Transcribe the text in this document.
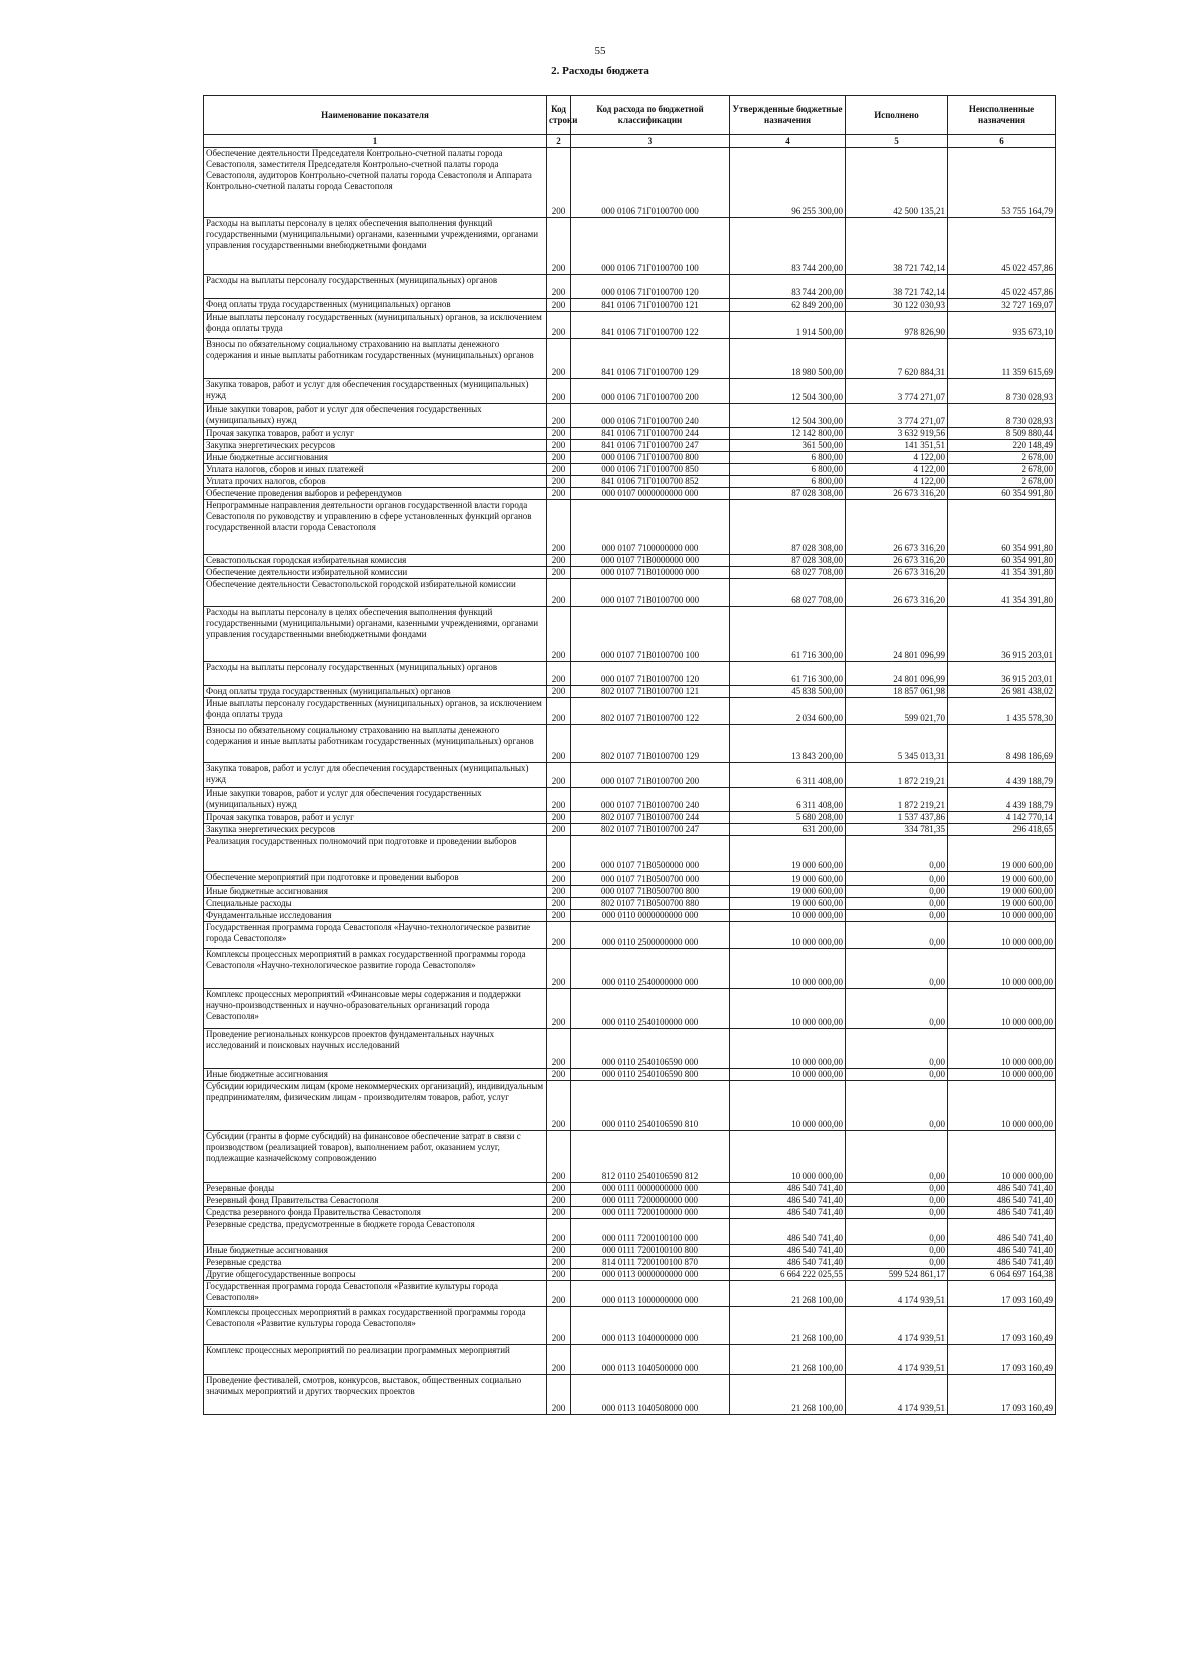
55
2. Расходы бюджета
Наименование показателя	Код строки	Код расхода по бюджетной классификации	Утвержденные бюджетные назначения	Исполнено	Неисполненные назначения
1	2	3	4	5	6
Обеспечение деятельности Председателя Контрольно-счетной палаты города Севастополя, заместителя Председателя Контрольно-счетной палаты города Севастополя, аудиторов Контрольно-счетной палаты города Севастополя и Аппарата Контрольно-счетной палаты города Севастополя	200	000 0106 71Г0100700 000	96 255 300,00	42 500 135,21	53 755 164,79
Расходы на выплаты персоналу в целях обеспечения выполнения функций государственными (муниципальными) органами, казенными учреждениями, органами управления государственными внебюджетными фондами	200	000 0106 71Г0100700 100	83 744 200,00	38 721 742,14	45 022 457,86
Расходы на выплаты персоналу государственных (муниципальных) органов	200	000 0106 71Г0100700 120	83 744 200,00	38 721 742,14	45 022 457,86
Фонд оплаты труда государственных (муниципальных) органов	200	841 0106 71Г0100700 121	62 849 200,00	30 122 030,93	32 727 169,07
Иные выплаты персоналу государственных (муниципальных) органов, за исключением фонда оплаты труда	200	841 0106 71Г0100700 122	1 914 500,00	978 826,90	935 673,10
Взносы по обязательному социальному страхованию на выплаты денежного содержания и иные выплаты работникам государственных (муниципальных) органов	200	841 0106 71Г0100700 129	18 980 500,00	7 620 884,31	11 359 615,69
Закупка товаров, работ и услуг для обеспечения государственных (муниципальных) нужд	200	000 0106 71Г0100700 200	12 504 300,00	3 774 271,07	8 730 028,93
Иные закупки товаров, работ и услуг для обеспечения государственных (муниципальных) нужд	200	000 0106 71Г0100700 240	12 504 300,00	3 774 271,07	8 730 028,93
Прочая закупка товаров, работ и услуг	200	841 0106 71Г0100700 244	12 142 800,00	3 632 919,56	8 509 880,44
Закупка энергетических ресурсов	200	841 0106 71Г0100700 247	361 500,00	141 351,51	220 148,49
Иные бюджетные ассигнования	200	000 0106 71Г0100700 800	6 800,00	4 122,00	2 678,00
Уплата налогов, сборов и иных платежей	200	000 0106 71Г0100700 850	6 800,00	4 122,00	2 678,00
Уплата прочих налогов, сборов	200	841 0106 71Г0100700 852	6 800,00	4 122,00	2 678,00
Обеспечение проведения выборов и референдумов	200	000 0107 0000000000 000	87 028 308,00	26 673 316,20	60 354 991,80
Непрограммные направления деятельности органов государственной власти города Севастополя по руководству и управлению в сфере установленных функций органов государственной власти города Севастополя	200	000 0107 7100000000 000	87 028 308,00	26 673 316,20	60 354 991,80
Севастопольская городская избирательная комиссия	200	000 0107 71В0000000 000	87 028 308,00	26 673 316,20	60 354 991,80
Обеспечение деятельности избирательной комиссии	200	000 0107 71В0100000 000	68 027 708,00	26 673 316,20	41 354 391,80
Обеспечение деятельности Севастопольской городской избирательной комиссии	200	000 0107 71В0100700 000	68 027 708,00	26 673 316,20	41 354 391,80
Расходы на выплаты персоналу в целях обеспечения выполнения функций государственными (муниципальными) органами, казенными учреждениями, органами управления государственными внебюджетными фондами	200	000 0107 71В0100700 100	61 716 300,00	24 801 096,99	36 915 203,01
Расходы на выплаты персоналу государственных (муниципальных) органов	200	000 0107 71В0100700 120	61 716 300,00	24 801 096,99	36 915 203,01
Фонд оплаты труда государственных (муниципальных) органов	200	802 0107 71В0100700 121	45 838 500,00	18 857 061,98	26 981 438,02
Иные выплаты персоналу государственных (муниципальных) органов, за исключением фонда оплаты труда	200	802 0107 71В0100700 122	2 034 600,00	599 021,70	1 435 578,30
Взносы по обязательному социальному страхованию на выплаты денежного содержания и иные выплаты работникам государственных (муниципальных) органов	200	802 0107 71В0100700 129	13 843 200,00	5 345 013,31	8 498 186,69
Закупка товаров, работ и услуг для обеспечения государственных (муниципальных) нужд	200	000 0107 71В0100700 200	6 311 408,00	1 872 219,21	4 439 188,79
Иные закупки товаров, работ и услуг для обеспечения государственных (муниципальных) нужд	200	000 0107 71В0100700 240	6 311 408,00	1 872 219,21	4 439 188,79
Прочая закупка товаров, работ и услуг	200	802 0107 71В0100700 244	5 680 208,00	1 537 437,86	4 142 770,14
Закупка энергетических ресурсов	200	802 0107 71В0100700 247	631 200,00	334 781,35	296 418,65
Реализация государственных полномочий при подготовке и проведении выборов	200	000 0107 71В0500000 000	19 000 600,00	0,00	19 000 600,00
Обеспечение мероприятий при подготовке и проведении выборов	200	000 0107 71В0500700 000	19 000 600,00	0,00	19 000 600,00
Иные бюджетные ассигнования	200	000 0107 71В0500700 800	19 000 600,00	0,00	19 000 600,00
Специальные расходы	200	802 0107 71В0500700 880	19 000 600,00	0,00	19 000 600,00
Фундаментальные исследования	200	000 0110 0000000000 000	10 000 000,00	0,00	10 000 000,00
Государственная программа города Севастополя «Научно-технологическое развитие города Севастополя»	200	000 0110 2500000000 000	10 000 000,00	0,00	10 000 000,00
Комплексы процессных мероприятий в рамках государственной программы города Севастополя «Научно-технологическое развитие города Севастополя»	200	000 0110 2540000000 000	10 000 000,00	0,00	10 000 000,00
Комплекс процессных мероприятий «Финансовые меры содержания и поддержки научно-производственных и научно-образовательных организаций города Севастополя»	200	000 0110 2540100000 000	10 000 000,00	0,00	10 000 000,00
Проведение региональных конкурсов проектов фундаментальных научных исследований и поисковых научных исследований	200	000 0110 2540106590 000	10 000 000,00	0,00	10 000 000,00
Иные бюджетные ассигнования	200	000 0110 2540106590 800	10 000 000,00	0,00	10 000 000,00
Субсидии юридическим лицам (кроме некоммерческих организаций), индивидуальным предпринимателям, физическим лицам - производителям товаров, работ, услуг	200	000 0110 2540106590 810	10 000 000,00	0,00	10 000 000,00
Субсидии (гранты в форме субсидий) на финансовое обеспечение затрат в связи с производством (реализацией товаров), выполнением работ, оказанием услуг, подлежащие казначейскому сопровождению	200	812 0110 2540106590 812	10 000 000,00	0,00	10 000 000,00
Резервные фонды	200	000 0111 0000000000 000	486 540 741,40	0,00	486 540 741,40
Резервный фонд Правительства Севастополя	200	000 0111 7200000000 000	486 540 741,40	0,00	486 540 741,40
Средства резервного фонда Правительства Севастополя	200	000 0111 7200100000 000	486 540 741,40	0,00	486 540 741,40
Резервные средства, предусмотренные в бюджете города Севастополя	200	000 0111 7200100100 000	486 540 741,40	0,00	486 540 741,40
Иные бюджетные ассигнования	200	000 0111 7200100100 800	486 540 741,40	0,00	486 540 741,40
Резервные средства	200	814 0111 7200100100 870	486 540 741,40	0,00	486 540 741,40
Другие общегосударственные вопросы	200	000 0113 0000000000 000	6 664 222 025,55	599 524 861,17	6 064 697 164,38
Государственная программа города Севастополя «Развитие культуры города Севастополя»	200	000 0113 1000000000 000	21 268 100,00	4 174 939,51	17 093 160,49
Комплексы процессных мероприятий в рамках государственной программы города Севастополя «Развитие культуры города Севастополя»	200	000 0113 1040000000 000	21 268 100,00	4 174 939,51	17 093 160,49
Комплекс процессных мероприятий по реализации программных мероприятий	200	000 0113 1040500000 000	21 268 100,00	4 174 939,51	17 093 160,49
Проведение фестивалей, смотров, конкурсов, выставок, общественных социально значимых мероприятий и других творческих проектов	200	000 0113 1040508000 000	21 268 100,00	4 174 939,51	17 093 160,49
